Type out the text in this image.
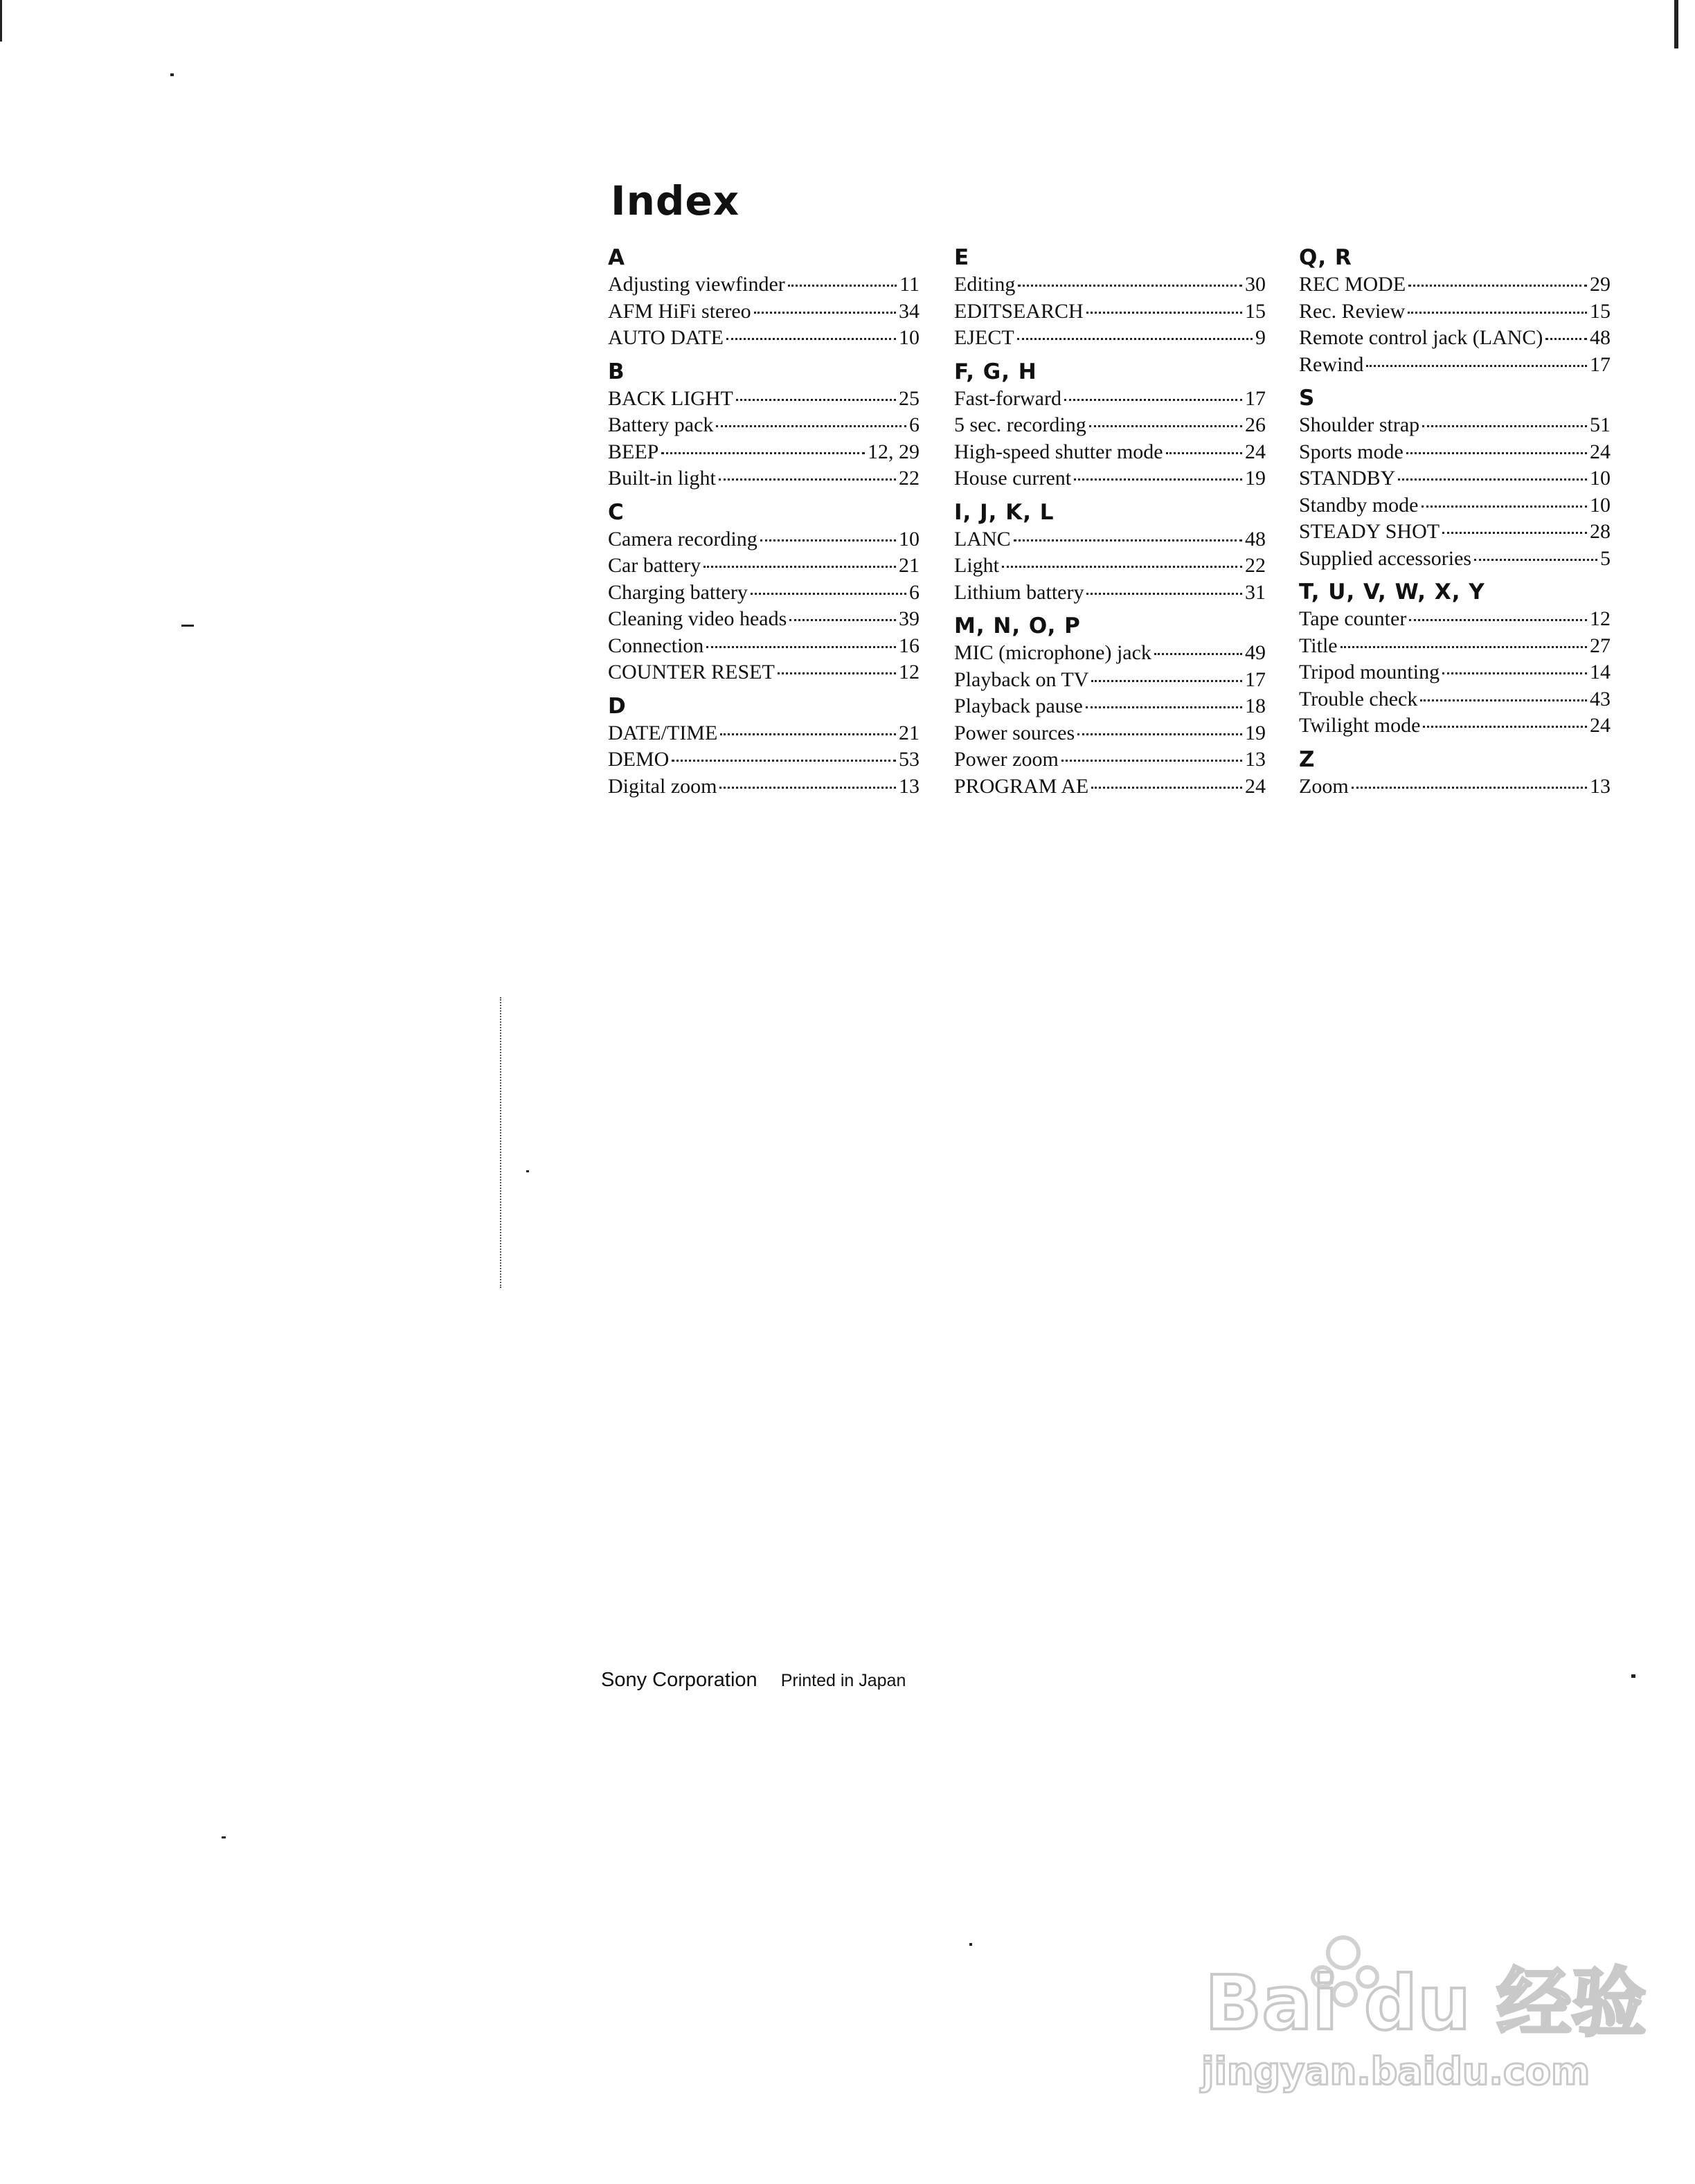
Index
A
Adjusting viewfinder	11
AFM HiFi stereo	34
AUTO DATE	10
B
BACK LIGHT	25
Battery pack	6
BEEP	12, 29
Built-in light	22
C
Camera recording	10
Car battery	21
Charging battery	6
Cleaning video heads	39
Connection	16
COUNTER RESET	12
D
DATE/TIME	21
DEMO	53
Digital zoom	13
E
Editing	30
EDITSEARCH	15
EJECT	9
F, G, H
Fast-forward	17
5 sec. recording	26
High-speed shutter mode	24
House current	19
I, J, K, L
LANC	48
Light	22
Lithium battery	31
M, N, O, P
MIC (microphone) jack	49
Playback on TV	17
Playback pause	18
Power sources	19
Power zoom	13
PROGRAM AE	24
Q, R
REC MODE	29
Rec. Review	15
Remote control jack (LANC) 48
Rewind	17
S
Shoulder strap	51
Sports mode	24
STANDBY	10
Standby mode	10
STEADY SHOT	28
Supplied accessories	5
T, U, V, W, X, Y
Tape counter	12
Title	27
Tripod mounting	14
Trouble check	43
Twilight mode	24
Z
Zoom	13
Sony Corporation Printed in Japan
Bai du 经验
jingyan.baidu.com
